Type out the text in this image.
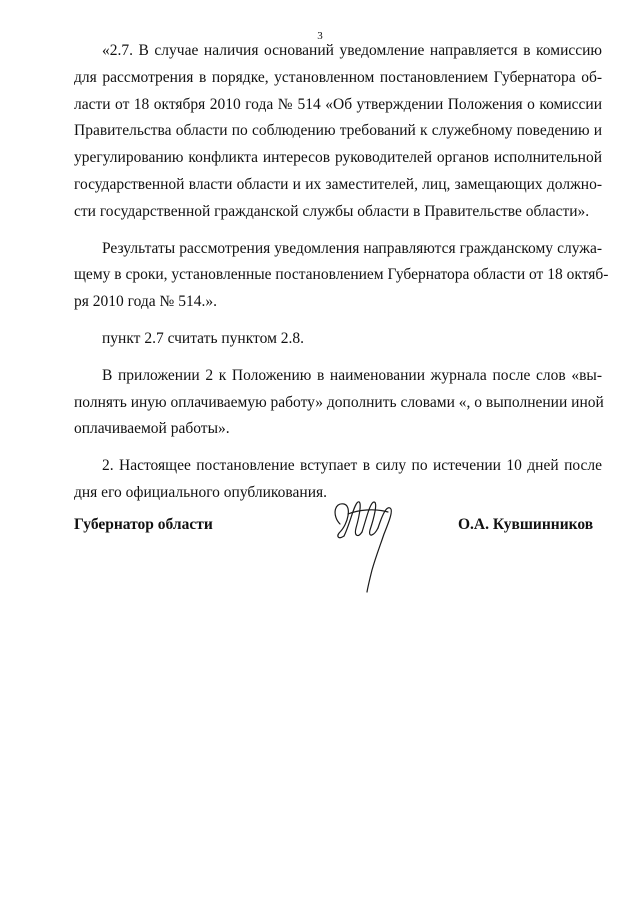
3

«2.7. В случае наличия оснований уведомление направляется в комиссию
для рассмотрения в порядке, установленном постановлением Губернатора об-
ласти от 18 октября 2010 года № 514 «Об утверждении Положения о комиссии
Правительства области по соблюдению требований к служебному поведению и
урегулированию конфликта интересов руководителей органов исполнительной
государственной власти области и их заместителей, лиц, замещающих должно-
сти государственной гражданской службы области в Правительстве области».

Результаты рассмотрения уведомления направляются гражданскому служа-
щему в сроки, установленные постановлением Губернатора области от 18 октяб-
ря 2010 года № 514.».

пункт 2.7 считать пунктом 2.8.

В приложении 2 к Положению в наименовании журнала после слов «вы-
полнять иную оплачиваемую работу» дополнить словами «, о выполнении иной
оплачиваемой работы».

2. Настоящее постановление вступает в силу по истечении 10 дней после
дня его официального опубликования.

Губернатор области	О.А. Кувшинников
